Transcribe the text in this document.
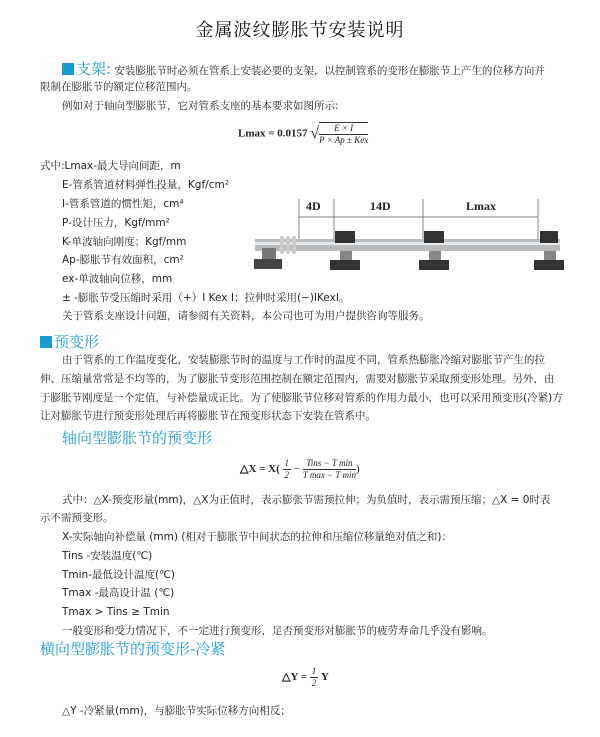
金属波纹膨胀节安装说明
支架: 安装膨胀节时必须在管系上安装必要的支架，以控制管系的变形在膨胀节上产生的位移方向并
限制在膨胀节的额定位移范围内。
例如对于轴向型膨胀节，它对管系支座的基本要求如图所示:
Lmax = 0.0157 √ $\frac{E \times I}{\text{P × Ap ± Kex}}$
式中:Lmax-最大导向间距，m
E-管系管道材料弹性投量，Kgf/cm²
I-管系管道的惯性矩，cm⁴
P-设计压力，Kgf/mm²
K-单波轴向刚度；Kgf/mm
Ap-膨胀节有效面积，cm²
ex-单波轴向位移，mm
± -膨胀节受压缩时采用（+）I Kex I；拉伸时采用(−)IKexI。
关于管系支座设计问题，请参阅有关资料，本公司也可为用户提供咨询等服务。
4D	14D	Lmax
预变形
由于管系的工作温度变化，安装膨胀节时的温度与工作时的温度不同，管系热膨胀冷缩对膨胀节产生的拉
伸、压缩量常常是不均等的，为了膨胀节变形范围控制在额定范围内，需要对膨胀节采取预变形处理。另外，由
于膨胀节刚度是一个定值，与补偿量成正比。为了使膨胀节位移对管系的作用力最小，也可以采用预变形(冷紧)方
让对膨胀节进行预变形处理后再将膨胀节在预变形状态下安装在管系中。
轴向型膨胀节的预变形
△X = $X( \frac{1}{2} - \frac{\text{Tins − T min}}{\text{T max − T min}}$ )
式中：△X-预变形量(mm)，△X为正值时，表示膨张节需预拉伸；为负值时，表示需预压缩；△X = 0时表
示不需预变形。
X-实际轴向补偿量 (mm) (相对于膨胀节中间状态的拉伸和压缩位移量绝对值之和)：
Tins -安装温度(℃)
Tmin-最低设计温度(℃)
Tmax -最高设计温 (℃)
Tmax > Tins ≥ Tmin
一般变形和受力情况下，不一定进行预变形，足否预变形对膨胀节的疲劳寿命几乎没有影响。
横向型膨胀节的预变形-冷紧
△Y = $\frac{1}{2}$ Y
△Y -冷紧量(mm)，与膨胀节实际位移方向相反；
